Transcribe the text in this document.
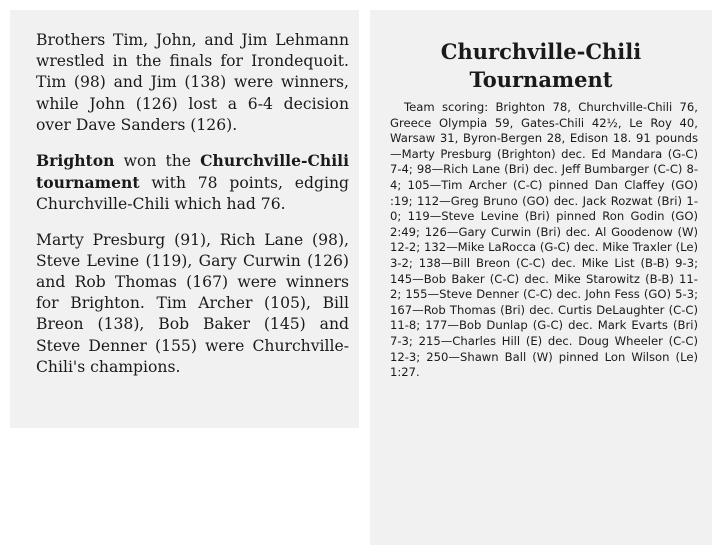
Brothers Tim, John, and Jim Lehmann wrestled in the finals for Irondequoit. Tim (98) and Jim (138) were winners, while John (126) lost a 6-4 decision over Dave Sanders (126).

Brighton won the Churchville-Chili tournament with 78 points, edging Churchville-Chili which had 76.

Marty Presburg (91), Rich Lane (98), Steve Levine (119), Gary Curwin (126) and Rob Thomas (167) were winners for Brighton. Tim Archer (105), Bill Breon (138), Bob Baker (145) and Steve Denner (155) were Churchville-Chili's champions.

Churchville-Chili
Tournament

Team scoring: Brighton 78, Churchville-Chili 76, Greece Olympia 59, Gates-Chili 42½, Le Roy 40, Warsaw 31, Byron-Bergen 28, Edison 18. 91 pounds—Marty Presburg (Brighton) dec. Ed Mandara (G-C) 7-4; 98—Rich Lane (Bri) dec. Jeff Bumbarger (C-C) 8-4; 105—Tim Archer (C-C) pinned Dan Claffey (GO) :19; 112—Greg Bruno (GO) dec. Jack Rozwat (Bri) 1-0; 119—Steve Levine (Bri) pinned Ron Godin (GO) 2:49; 126—Gary Curwin (Bri) dec. Al Goodenow (W) 12-2; 132—Mike LaRocca (G-C) dec. Mike Traxler (Le) 3-2; 138—Bill Breon (C-C) dec. Mike List (B-B) 9-3; 145—Bob Baker (C-C) dec. Mike Starowitz (B-B) 11-2; 155—Steve Denner (C-C) dec. John Fess (GO) 5-3; 167—Rob Thomas (Bri) dec. Curtis DeLaughter (C-C) 11-8; 177—Bob Dunlap (G-C) dec. Mark Evarts (Bri) 7-3; 215—Charles Hill (E) dec. Doug Wheeler (C-C) 12-3; 250—Shawn Ball (W) pinned Lon Wilson (Le) 1:27.
